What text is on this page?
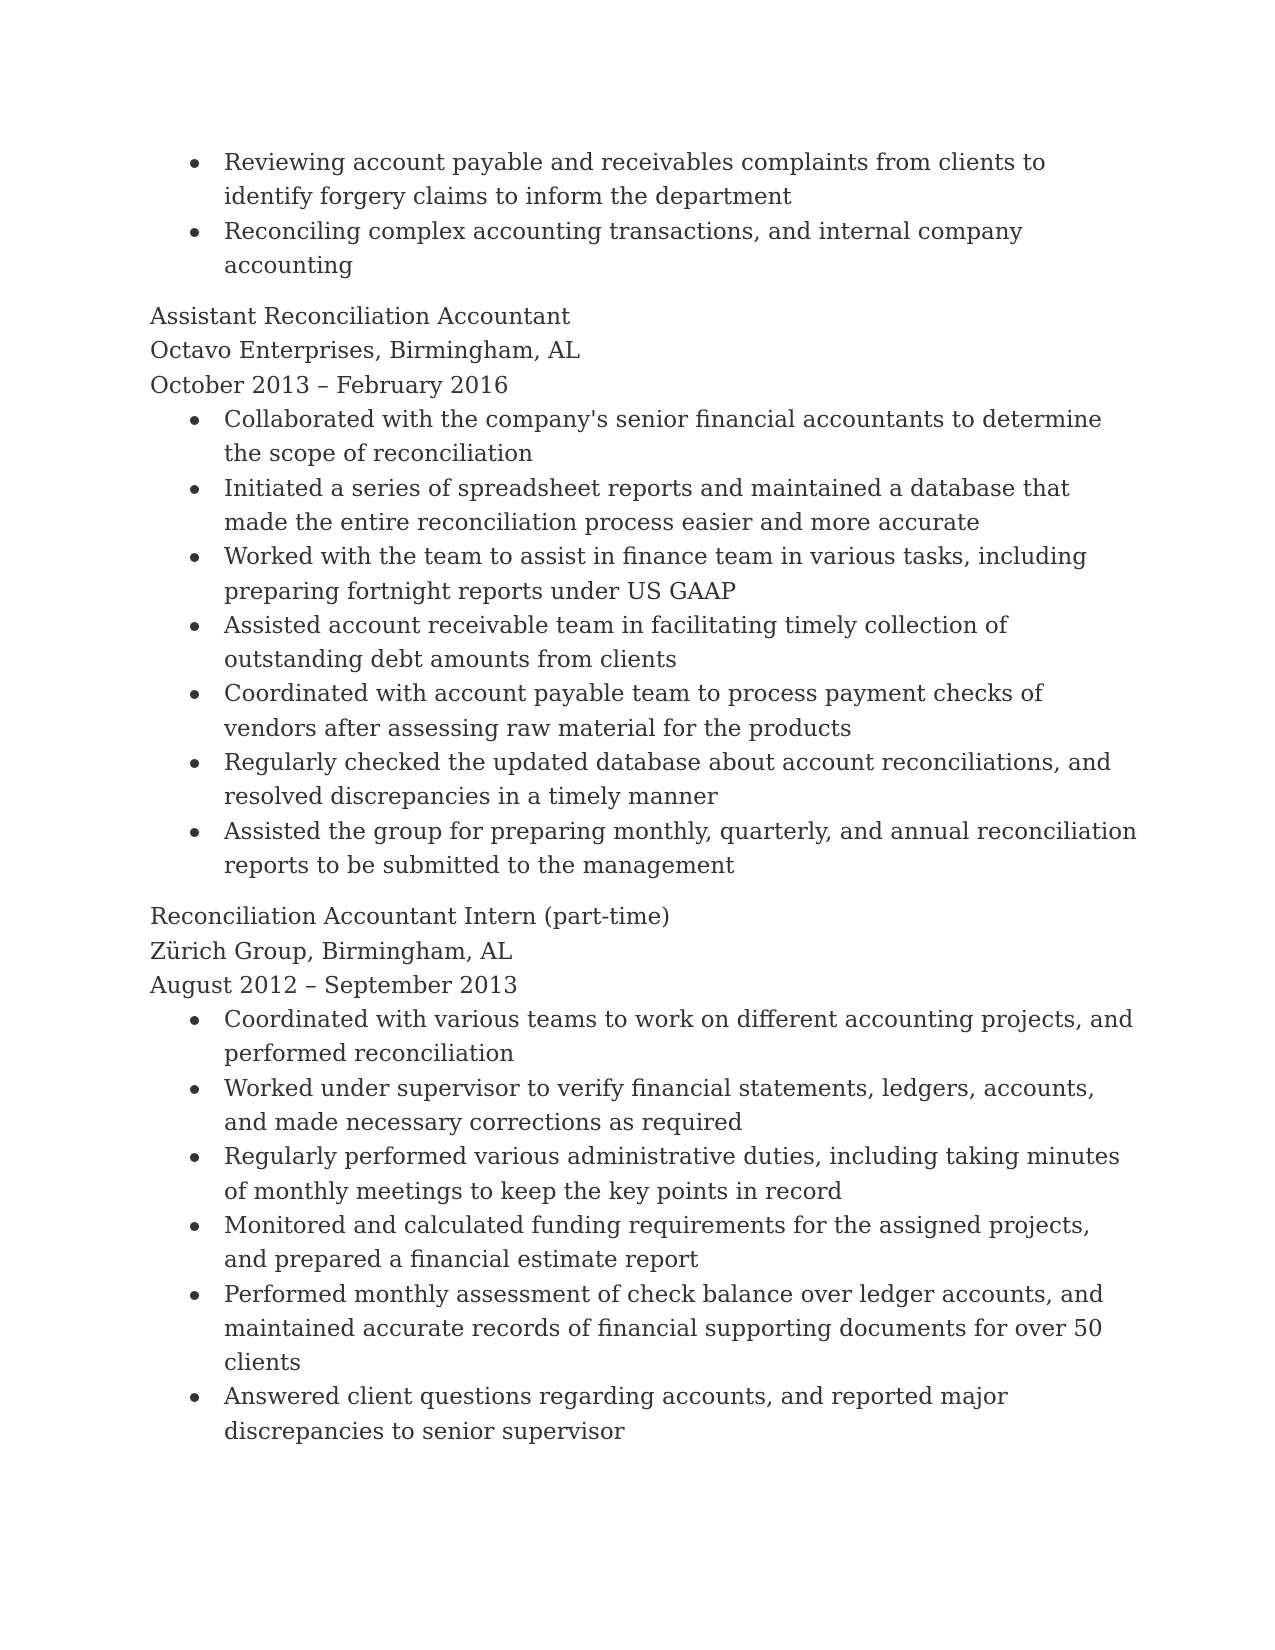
Reviewing account payable and receivables complaints from clients to identify forgery claims to inform the department
Reconciling complex accounting transactions, and internal company accounting
Assistant Reconciliation Accountant
Octavo Enterprises, Birmingham, AL
October 2013 – February 2016
Collaborated with the company's senior financial accountants to determine the scope of reconciliation
Initiated a series of spreadsheet reports and maintained a database that made the entire reconciliation process easier and more accurate
Worked with the team to assist in finance team in various tasks, including preparing fortnight reports under US GAAP
Assisted account receivable team in facilitating timely collection of outstanding debt amounts from clients
Coordinated with account payable team to process payment checks of vendors after assessing raw material for the products
Regularly checked the updated database about account reconciliations, and resolved discrepancies in a timely manner
Assisted the group for preparing monthly, quarterly, and annual reconciliation reports to be submitted to the management
Reconciliation Accountant Intern (part-time)
Zürich Group, Birmingham, AL
August 2012 – September 2013
Coordinated with various teams to work on different accounting projects, and performed reconciliation
Worked under supervisor to verify financial statements, ledgers, accounts, and made necessary corrections as required
Regularly performed various administrative duties, including taking minutes of monthly meetings to keep the key points in record
Monitored and calculated funding requirements for the assigned projects, and prepared a financial estimate report
Performed monthly assessment of check balance over ledger accounts, and maintained accurate records of financial supporting documents for over 50 clients
Answered client questions regarding accounts, and reported major discrepancies to senior supervisor
